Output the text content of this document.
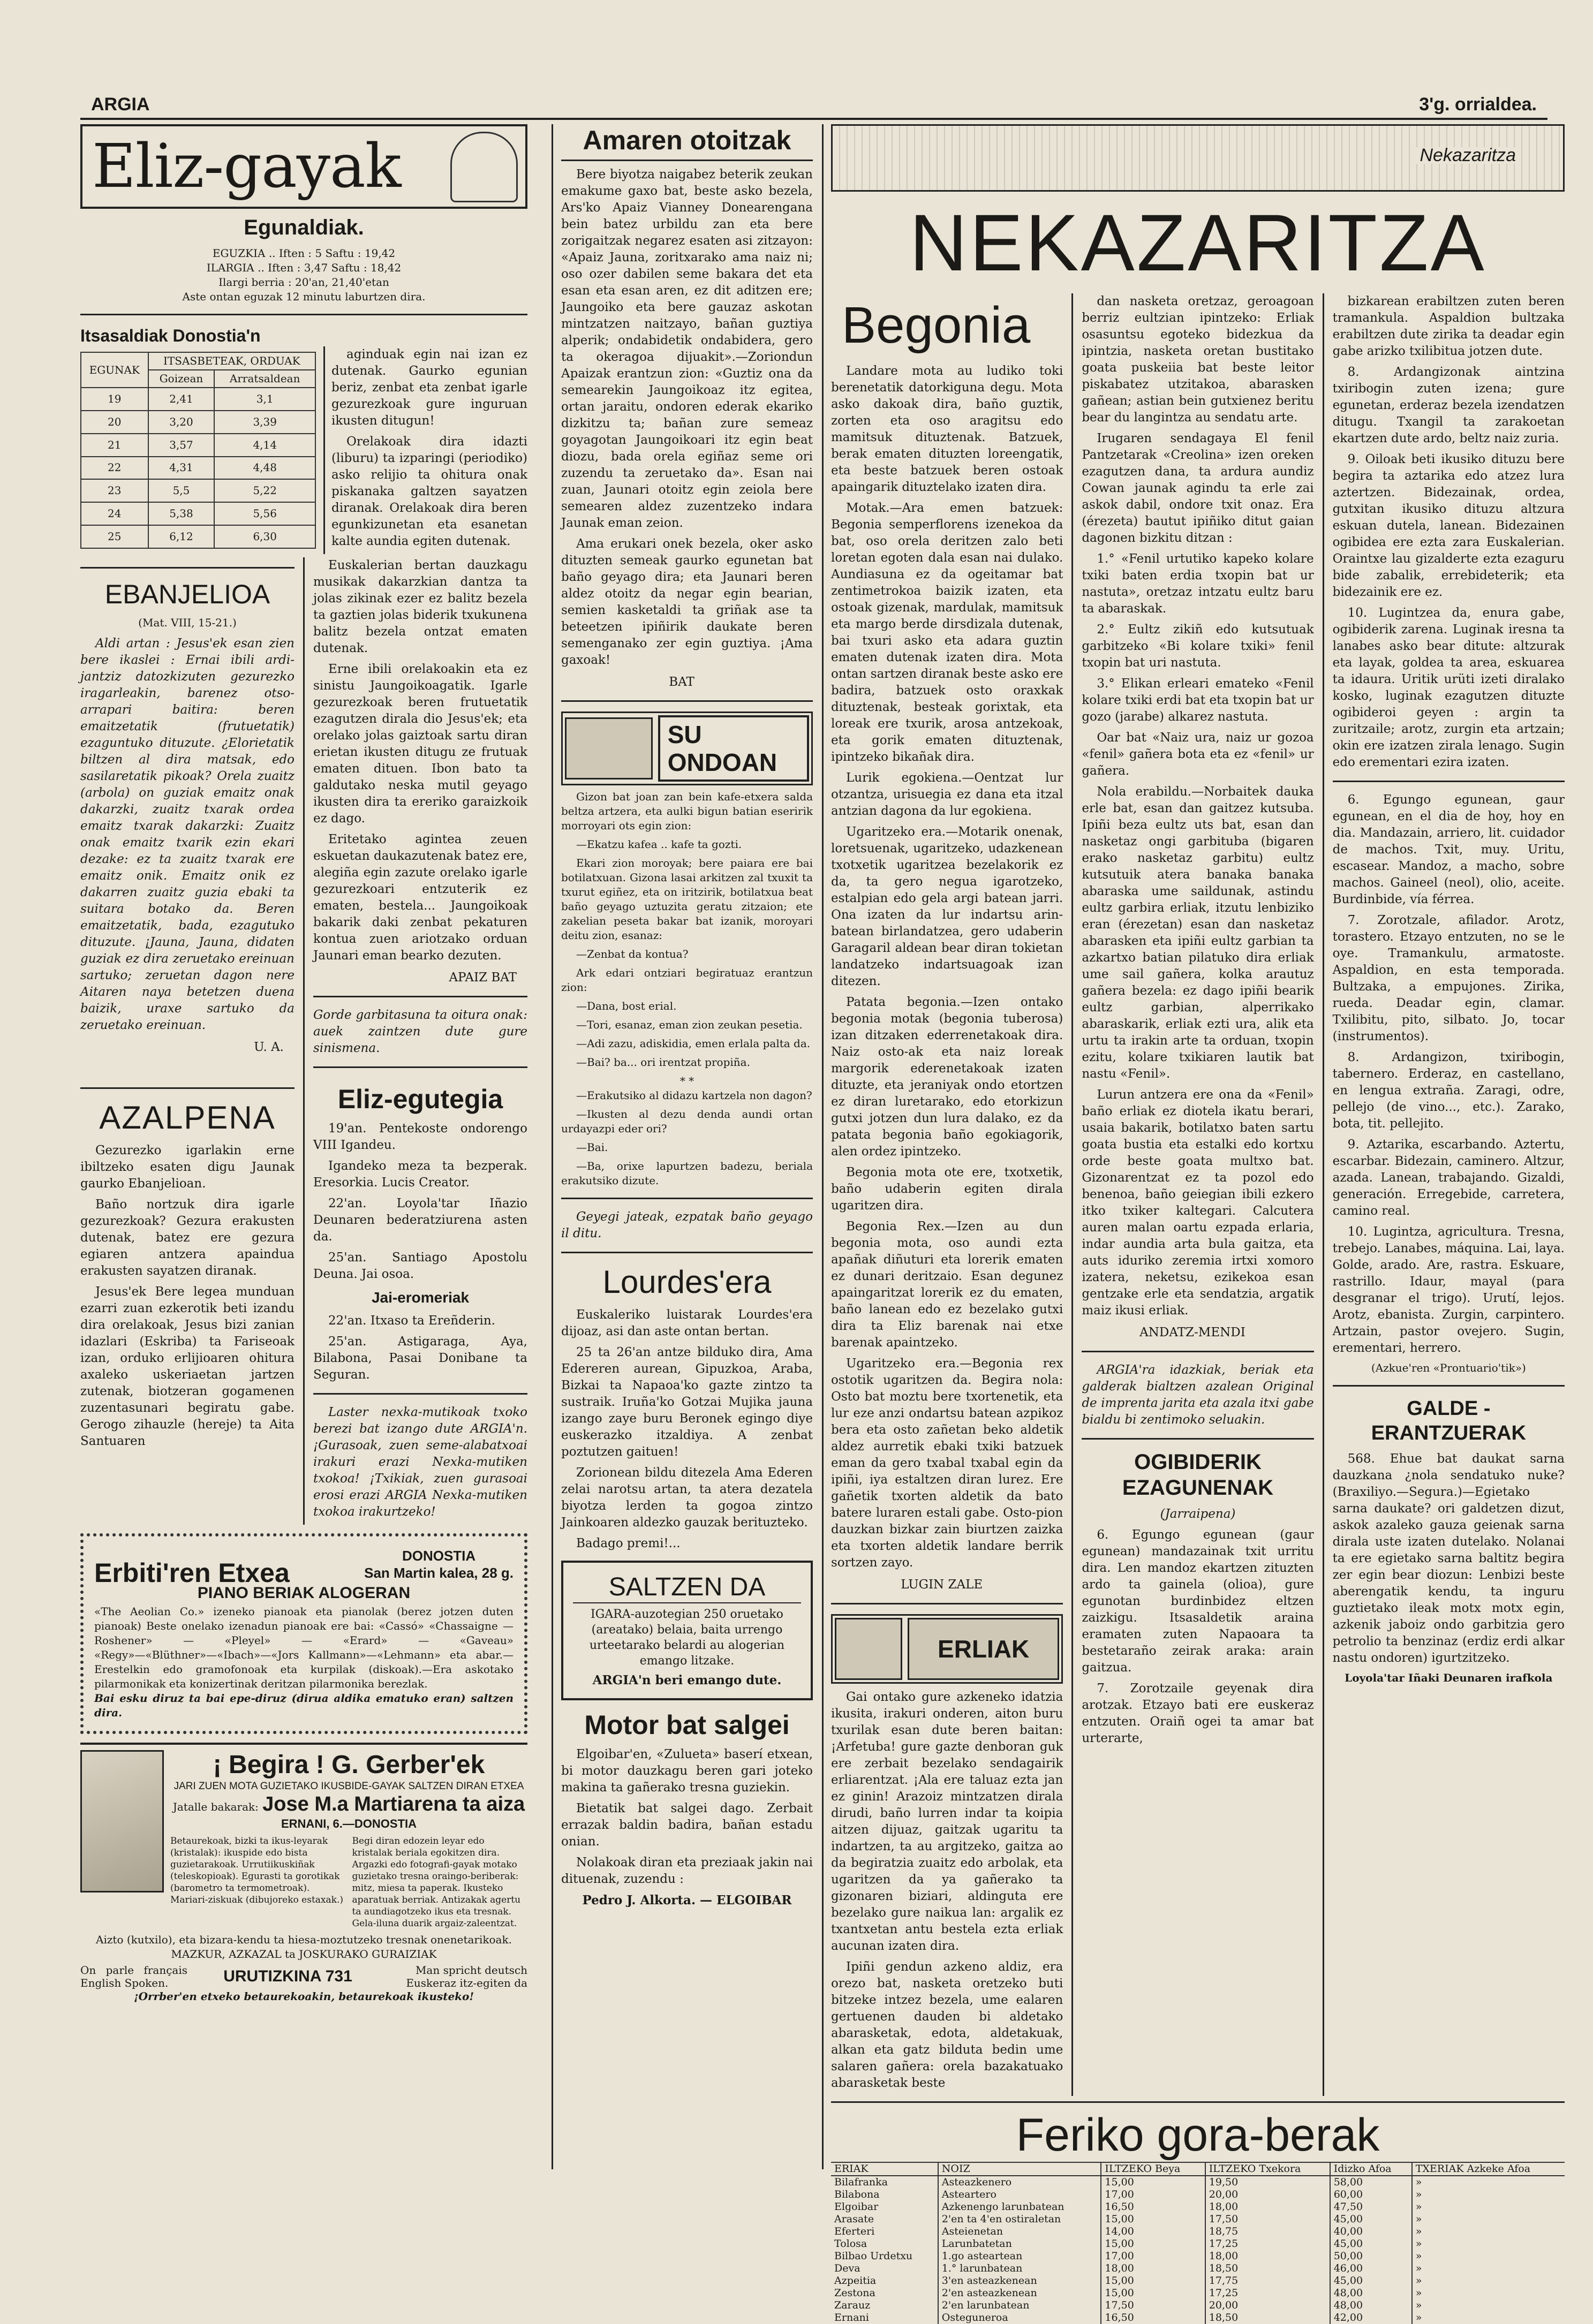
ARGIA	3'g. orrialdea.
Eliz-gayak
Egunaldiak.
EGUZKIA .. Iften : 5 Saftu : 19,42
ILARGIA .. Iften : 3,47 Saftu : 18,42
Ilargi berria : 20'an, 21,40'etan
Aste ontan eguzak 12 minutu laburtzen dira.
Itsasaldiak Donostia'n
EGUNAK	ITSASBETEAK, ORDUAK	
	Goizean	Arratsaldean
19	2,41	3,1
20	3,20	3,39
21	3,57	4,14
22	4,31	4,48
23	5,5	5,22
24	5,38	5,56
25	6,12	6,30

aginduak egin nai izan ez dutenak. Gaurko egunian beriz, zenbat eta zenbat igarle gezurezkoak gure inguruan ikusten ditugun!

Orelakoak dira idazti (liburu) ta izparingi (periodiko) asko relijio ta ohitura onak piskanaka galtzen sayatzen diranak. Orelakoak dira beren egunkizunetan eta esanetan kalte aundia egiten dutenak.

EBANJELIOA
(Mat. VIII, 15-21.)

Aldi artan : Jesus'ek esan zien bere ikaslei : Ernai ibili ardi-jantziz datozkizuten gezurezko iragarleakin, barenez otso-arrapari baitira: beren emaitzetatik (frutuetatik) ezaguntuko dituzute. ¿Elorietatik biltzen al dira matsak, edo sasilaretatik pikoak? Orela zuaitz (arbola) on guziak emaitz onak dakarzki, zuaitz txarak ordea emaitz txarak dakarzki: Zuaitz onak emaitz txarik ezin ekari dezake: ez ta zuaitz txarak ere emaitz onik. Emaitz onik ez dakarren zuaitz guzia ebaki ta suitara botako da. Beren emaitzetatik, bada, ezagutuko dituzute. ¡Jauna, Jauna, didaten guziak ez dira zeruetako ereinuan sartuko; zeruetan dagon nere Aitaren naya betetzen duena baizik, uraxe sartuko da zeruetako ereinuan.

U. A.

Euskalerian bertan dauzkagu musikak dakarzkian dantza ta jolas zikinak ezer ez balitz bezela ta gaztien jolas biderik txukunena balitz bezela ontzat ematen dutenak.

Erne ibili orelakoakin eta ez sinistu Jaungoikoagatik. Igarle gezurezkoak beren frutuetatik ezagutzen dirala dio Jesus'ek; eta orelako jolas gaiztoak sartu diran erietan ikusten ditugu ze frutuak ematen dituen. Ibon bato ta galdutako neska mutil geyago ikusten dira ta ereriko garaizkoik ez dago.

Eritetako agintea zeuen eskuetan daukazutenak batez ere, alegiña egin zazute orelako igarle gezurezkoari entzuterik ez ematen, bestela... Jaungoikoak bakarik daki zenbat pekaturen kontua zuen ariotzako orduan Jaunari eman bearko dezuten.

APAIZ BAT

Gorde garbitasuna ta oitura onak: auek zaintzen dute gure sinismena.

AZALPENA

Gezurezko igarlakin erne ibiltzeko esaten digu Jaunak gaurko Ebanjelioan.

Baño nortzuk dira igarle gezurezkoak? Gezura erakusten dutenak, batez ere gezura egiaren antzera apaindua erakusten sayatzen diranak.

Jesus'ek Bere legea munduan ezarri zuan ezkerotik beti izandu dira orelakoak, Jesus bizi zanian idazlari (Eskriba) ta Fariseoak izan, orduko erlijioaren ohitura axaleko uskeriaetan jartzen zutenak, biotzeran gogamenen zuzentasunari begiratu gabe. Gerogo zihauzle (hereje) ta Aita Santuaren

Eliz-egutegia

19'an. Pentekoste ondorengo VIII Igandeu.

Igandeko meza ta bezperak. Eresorkia. Lucis Creator.

22'an. Loyola'tar Iñazio Deunaren bederatziurena asten da.

25'an. Santiago Apostolu Deuna. Jai osoa.

Jai-eromeriak

22'an. Itxaso ta Ereñderin.

25'an. Astigaraga, Aya, Bilabona, Pasai Donibane ta Seguran.

Laster nexka-mutikoak txoko berezi bat izango dute ARGIA'n. ¡Gurasoak, zuen seme-alabatxoai irakuri erazi Nexka-mutiken txokoa! ¡Txikiak, zuen gurasoai erosi erazi ARGIA Nexka-mutiken txokoa irakurtzeko!

Erbiti'ren Etxea
DONOSTIA
San Martin kalea, 28 g.
PIANO BERIAK ALOGERAN
«The Aeolian Co.» izeneko pianoak eta pianolak (berez jotzen duten pianoak) Beste onelako izenadun pianoak ere bai: «Cassó» «Chassaigne — Roshener» — «Pleyel» — «Erard» — «Gaveau» «Regy»—«Blüthner»—«Ibach»—«Jors Kallmann»—«Lehmann» eta abar.—Erestelkin edo gramofonoak eta kurpilak (diskoak).—Era askotako pilarmonikak eta konizertinak deritzan pilarmonika berezlak.
Bai esku diruz ta bai epe-diruz (dirua aldika ematuko eran) saltzen dira.
¡ Begira ! G. Gerber'ek
JARI ZUEN MOTA GUZIETAKO IKUSBIDE-GAYAK SALTZEN DIRAN ETXEA
Jatalle bakarak: Jose M.a Martiarena ta aiza
ERNANI, 6.—DONOSTIA
Betaurekoak, bizki ta ikus-leyarak (kristalak): ikuspide edo bista guzietarakoak. Urrutiikuskiñak (teleskopioak). Egurasti ta gorotikak (barometro ta termometroak). Mariari-ziskuak (dibujoreko estaxak.)
Begi diran edozein leyar edo kristalak beriala egokitzen dira. Argazki edo fotografi-gayak motako guzietako tresna oraingo-beriberak: mitz, miesa ta paperak. Ikusteko aparatuak berriak. Antizakak agertu ta aundiagotzeko ikus eta tresnak. Gela-iluna duarik argaiz-zaleentzat.
Aizto (kutxilo), eta bizara-kendu ta hiesa-moztutzeko tresnak onenetarikoak.
MAZKUR, AZKAZAL ta JOSKURAKO GURAIZIAK
On parle français English Spoken.	URUTIZKINA 731	Man spricht deutsch Euskeraz itz-egiten da
¡Orrber'en etxeko betaurekoakin, betaurekoak ikusteko!
Amaren otoitzak

Bere biyotza naigabez beterik zeukan emakume gaxo bat, beste asko bezela, Ars'ko Apaiz Vianney Donearengana bein batez urbildu zan eta bere zorigaitzak negarez esaten asi zitzayon: «Apaiz Jauna, zoritxarako ama naiz ni; oso ozer dabilen seme bakara det eta esan eta esan aren, ez dit aditzen ere; Jaungoiko eta bere gauzaz askotan mintzatzen naitzayo, bañan guztiya alperik; ondabidetik ondabidera, gero ta okeragoa dijuakit».—Zoriondun Apaizak erantzun zion: «Guztiz ona da semearekin Jaungoikoaz itz egitea, ortan jaraitu, ondoren ederak ekariko dizkitzu ta; bañan zure semeaz goyagotan Jaungoikoari itz egin beat diozu, bada orela egiñaz seme ori zuzendu ta zeruetako da». Esan nai zuan, Jaunari otoitz egin zeiola bere semearen aldez zuzentzeko indara Jaunak eman zeion.

Ama erukari onek bezela, oker asko dituzten semeak gaurko egunetan bat baño geyago dira; eta Jaunari beren aldez otoitz da negar egin bearian, semien kasketaldi ta griñak ase ta beteetzen ipiñirik daukate beren semenganako zer egin guztiya. ¡Ama gaxoak!

BAT
SU ONDOAN

Gizon bat joan zan bein kafe-etxera salda beltza artzera, eta aulki bigun batian eseririk morroyari ots egin zion:

—Ekatzu kafea .. kafe ta gozti.

Ekari zion moroyak; bere paiara ere bai botilatxuan. Gizona lasai arkitzen zal txuxit ta txurut egiñez, eta on iritzirik, botilatxua beat baño geyago uztuzita geratu zitzaion; ete zakelian peseta bakar bat izanik, moroyari deitu zion, esanaz:

—Zenbat da kontua?

Ark edari ontziari begiratuaz erantzun zion:

—Dana, bost erial.

—Tori, esanaz, eman zion zeukan pesetia.

—Adi zazu, adiskidia, emen erlala palta da.

—Bai? ba... ori irentzat propiña.

* *

—Erakutsiko al didazu kartzela non dagon?

—Ikusten al dezu denda aundi ortan urdayazpi eder ori?

—Bai.

—Ba, orixe lapurtzen badezu, beriala erakutsiko dizute.

Geyegi jateak, ezpatak baño geyago il ditu.

Lourdes'era

Euskaleriko luistarak Lourdes'era dijoaz, asi dan aste ontan bertan.

25 ta 26'an antze bilduko dira, Ama Edereren aurean, Gipuzkoa, Araba, Bizkai ta Napaoa'ko gazte zintzo ta sustraik. Iruña'ko Gotzai Mujika jauna izango zaye buru Beronek egingo diye euskerazko itzaldiya. A zenbat poztutzen gaituen!

Zorionean bildu ditezela Ama Ederen zelai narotsu artan, ta atera dezatela biyotza lerden ta gogoa zintzo Jainkoaren aldezko gauzak berituzteko.

Badago premi!...

SALTZEN DA
IGARA-auzotegian 250 oruetako (areatako) belaia, baita urrengo urteetarako belardi au alogerian emango litzake.
ARGIA'n beri emango dute.
Motor bat salgei

Elgoibar'en, «Zulueta» baserí etxean, bi motor dauzkagu beren gari joteko makina ta gañerako tresna guziekin.

Bietatik bat salgei dago. Zerbait errazak baldin badira, bañan estadu onian.

Nolakoak diran eta preziaak jakin nai dituenak, zuzendu :

Pedro J. Alkorta. — ELGOIBAR
Nekazaritza
NEKAZARITZA
Begonia

Landare mota au ludiko toki berenetatik datorkiguna degu. Mota asko dakoak dira, baño guztik, zorten eta oso aragitsu edo mamitsuk dituztenak. Batzuek, berak ematen dituzten loreengatik, eta beste batzuek beren ostoak apaingarik dituztelako izaten dira.

Motak.—Ara emen batzuek: Begonia semperflorens izenekoa da bat, oso orela deritzen zalo beti loretan egoten dala esan nai dulako. Aundiasuna ez da ogeitamar bat zentimetrokoa baizik izaten, eta ostoak gizenak, mardulak, mamitsuk eta margo berde dirsdizala dutenak, bai txuri asko eta adara guztin ematen dutenak izaten dira. Mota ontan sartzen diranak beste asko ere badira, batzuek osto oraxkak dituztenak, besteak gorixtak, eta loreak ere txurik, arosa antzekoak, eta gorik ematen dituztenak, ipintzeko bikañak dira.

Lurik egokiena.—Oentzat lur otzantza, urisuegia ez dana eta itzal antzian dagona da lur egokiena.

Ugaritzeko era.—Motarik onenak, loretsuenak, ugaritzeko, udazkenean txotxetik ugaritzea bezelakorik ez da, ta gero negua igarotzeko, estalpian edo gela argi batean jarri. Ona izaten da lur indartsu arin-batean birlandatzea, gero udaberin Garagaril aldean bear diran tokietan landatzeko indartsuagoak izan ditezen.

Patata begonia.—Izen ontako begonia motak (begonia tuberosa) izan ditzaken ederrenetakoak dira. Naiz osto-ak eta naiz loreak margorik ederenetakoak izaten dituzte, eta jeraniyak ondo etortzen ez diran luretarako, edo etorkizun gutxi jotzen dun lura dalako, ez da patata begonia baño egokiagorik, alen ordez ipintzeko.

Begonia mota ote ere, txotxetik, baño udaberin egiten dirala ugaritzen dira.

Begonia Rex.—Izen au dun begonia mota, oso aundi ezta apañak diñuturi eta lorerik ematen ez dunari deritzaio. Esan degunez apaingaritzat lorerik ez du ematen, baño lanean edo ez bezelako gutxi dira ta Eliz barenak nai etxe barenak apaintzeko.

Ugaritzeko era.—Begonia rex ostotik ugaritzen da. Begira nola: Osto bat moztu bere txortenetik, eta lur eze anzi ondartsu batean azpikoz bera eta osto zañetan beko aldetik aldez aurretik ebaki txiki batzuek eman da gero txabal txabal egin da ipiñi, iya estaltzen diran lurez. Ere gañetik txorten aldetik da bato batere luraren estali gabe. Osto-pion dauzkan bizkar zain biurtzen zaizka eta txorten aldetik landare berrik sortzen zayo.

LUGIN ZALE
ERLIAK

Gai ontako gure azkeneko idatzia ikusita, irakuri onderen, aiton buru txurilak esan dute beren baitan: ¡Arfetuba! gure gazte denboran guk ere zerbait bezelako sendagairik erliarentzat. ¡Ala ere taluaz ezta jan ez ginin! Arazoiz mintzatzen dirala dirudi, baño lurren indar ta koipia aitzen dijuaz, gaitzak ugaritu ta indartzen, ta au argitzeko, gaitza ao da begiratzia zuaitz edo arbolak, eta ugaritzen da ya gañerako ta gizonaren biziari, aldinguta ere bezelako gure naikua lan: argalik ez txantxetan antu bestela ezta erliak aucunan izaten dira.

Ipiñi gendun azkeno aldiz, era orezo bat, nasketa oretzeko buti bitzeke intzez bezela, ume ealaren gertuenen dauden bi aldetako abarasketak, edota, aldetakuak, alkan eta gatz bilduta bedin ume salaren gañera: orela bazakatuako abarasketak beste

dan nasketa oretzaz, geroagoan berriz eultzian ipintzeko: Erliak osasuntsu egoteko bidezkua da ipintzia, nasketa oretan bustitako goata puskeiia bat beste leitor piskabatez utzitakoa, abarasken gañean; astian bein gutxienez beritu bear du langintza au sendatu arte.

Irugaren sendagaya El fenil Pantzetarak «Creolina» izen oreken ezagutzen dana, ta ardura aundiz Cowan jaunak agindu ta erle zai askok dabil, ondore txit onaz. Era (érezeta) bautut ipiñiko ditut gaian dagonen bizkitu ditzan :

1.° «Fenil urtutiko kapeko kolare txiki baten erdia txopin bat ur nastuta», oretzaz intzatu eultz baru ta abaraskak.

2.° Eultz zikiñ edo kutsutuak garbitzeko «Bi kolare txiki» fenil txopin bat uri nastuta.

3.° Elikan erleari emateko «Fenil kolare txiki erdi bat eta txopin bat ur gozo (jarabe) alkarez nastuta.

Oar bat «Naiz ura, naiz ur gozoa «fenil» gañera bota eta ez «fenil» ur gañera.

Nola erabildu.—Norbaitek dauka erle bat, esan dan gaitzez kutsuba. Ipiñi beza eultz uts bat, esan dan nasketaz ongi garbituba (bigaren erako nasketaz garbitu) eultz kutsutuik atera banaka banaka abaraska ume saildunak, astindu eultz garbira erliak, itzutu lenbiziko eran (érezetan) esan dan nasketaz abarasken eta ipiñi eultz garbian ta azkartxo batian pilatuko dira erliak ume sail gañera, kolka arautuz gañera bezela: ez dago ipiñi bearik eultz garbian, alperrikako abaraskarik, erliak ezti ura, alik eta urtu ta irakin arte ta orduan, txopin ezitu, kolare txikiaren lautik bat nastu «Fenil».

Lurun antzera ere ona da «Fenil» baño erliak ez diotela ikatu berari, usaia bakarik, botilatxo baten sartu goata bustia eta estalki edo kortxu orde beste goata multxo bat. Gizonarentzat ez ta pozol edo benenoa, baño geiegian ibili ezkero itko txiker kaltegari. Calcutera auren malan oartu ezpada erlaria, indar aundia arta bula gaitza, eta auts iduriko zeremia irtxi xomoro izatera, neketsu, ezikekoa esan gentzake erle eta sendatzia, argatik maiz ikusi erliak.

ANDATZ-MENDI

ARGIA'ra idazkiak, beriak eta galderak bialtzen azalean Original de imprenta jarita eta azala itxi gabe bialdu bi zentimoko seluakin.

OGIBIDERIK EZAGUNENAK
(Jarraipena)

6. Egungo egunean (gaur egunean) mandazainak txit urritu dira. Len mandoz ekartzen zituzten ardo ta gainela (olioa), gure egunotan burdinbidez eltzen zaizkigu. Itsasaldetik araina eramaten zuten Napaoara ta bestetaraño zeirak araka: arain gaitzua.

7. Zorotzaile geyenak dira arotzak. Etzayo bati ere euskeraz entzuten. Oraiñ ogei ta amar bat urterarte,

bizkarean erabiltzen zuten beren tramankula. Aspaldion bultzaka erabiltzen dute zirika ta deadar egin gabe arizko txilibitua jotzen dute.

8. Ardangizonak aintzina txiribogin zuten izena; gure egunetan, erderaz bezela izendatzen ditugu. Txangil ta zarakoetan ekartzen dute ardo, beltz naiz zuria.

9. Oiloak beti ikusiko dituzu bere begira ta aztarika edo atzez lura aztertzen. Bidezainak, ordea, gutxitan ikusiko dituzu altzura eskuan dutela, lanean. Bidezainen ogibidea ere ezta zara Euskalerian. Oraintxe lau gizalderte ezta ezaguru bide zabalik, errebideterik; eta bidezainik ere ez.

10. Lugintzea da, enura gabe, ogibiderik zarena. Luginak iresna ta lanabes asko bear ditute: altzurak eta layak, goldea ta area, eskuarea ta idaura. Uritik urüti izeti diralako kosko, luginak ezagutzen dituzte ogibideroi geyen : argin ta zuritzaile; arotz, zurgin eta artzain; okin ere izatzen zirala lenago. Sugin edo erementari ezira izaten.

6. Egungo egunean, gaur egunean, en el dia de hoy, hoy en dia. Mandazain, arriero, lit. cuidador de machos. Txit, muy. Uritu, escasear. Mandoz, a macho, sobre machos. Gaineel (neol), olio, aceite. Burdinbide, vía férrea.

7. Zorotzale, afilador. Arotz, torastero. Etzayo entzuten, no se le oye. Tramankulu, armatoste. Aspaldion, en esta temporada. Bultzaka, a empujones. Zirika, rueda. Deadar egin, clamar. Txilibitu, pito, silbato. Jo, tocar (instrumentos).

8. Ardangizon, txiribogin, tabernero. Erderaz, en castellano, en lengua extraña. Zaragi, odre, pellejo (de vino..., etc.). Zarako, bota, tit. pellejito.

9. Aztarika, escarbando. Aztertu, escarbar. Bidezain, caminero. Altzur, azada. Lanean, trabajando. Gizaldi, generación. Erregebide, carretera, camino real.

10. Lugintza, agricultura. Tresna, trebejo. Lanabes, máquina. Lai, laya. Golde, arado. Are, rastra. Eskuare, rastrillo. Idaur, mayal (para desgranar el trigo). Urutí, lejos. Arotz, ebanista. Zurgin, carpintero. Artzain, pastor ovejero. Sugin, erementari, herrero.

(Azkue'ren «Prontuario'tik»)
GALDE - ERANTZUERAK

568. Ehue bat daukat sarna dauzkana ¿nola sendatuko nuke? (Braxiliyo.—Segura.)—Egietako sarna daukate? ori galdetzen dizut, askok azaleko gauza geienak sarna dirala uste izaten dutelako. Nolanai ta ere egietako sarna baltitz begira zer egin bear diozun: Lenbizi beste aberengatik kendu, ta inguru guztietako ileak motx motx egin, azkenik jaboiz ondo garbitzia gero petrolio ta benzinaz (erdiz erdi alkar nastu ondoren) igurtzitzeko.

Loyola'tar Iñaki Deunaren irafkola
Feriko gora-berak
ERIAK	NOIZ	ILTZEKO Beya	ILTZEKO Txekora	Idizko Afoa	TXERIAK Azkeke Afoa
Bilafranka	Asteazkenero	15,00	19,50	58,00	»
Bilabona	Asteartero	17,00	20,00	60,00	»
Elgoibar	Azkenengo larunbatean	16,50	18,00	47,50	»
Arasate	2'en ta 4'en ostiraletan	15,00	17,50	45,00	»
Eferteri	Asteienetan	14,00	18,75	40,00	»
Tolosa	Larunbatetan	15,00	17,25	45,00	»
Bilbao Urdetxu	1.go asteartean	17,00	18,00	50,00	»
Deva	1.° larunbatean	18,00	18,50	46,00	»
Azpeitia	3'en asteazkenean	15,00	17,75	45,00	»
Zestona	2'en asteazkenean	15,00	17,25	48,00	»
Zarauz	2'en larunbatean	17,50	20,00	48,00	»
Ernani	Osteguneroa	16,50	18,50	42,00	»
